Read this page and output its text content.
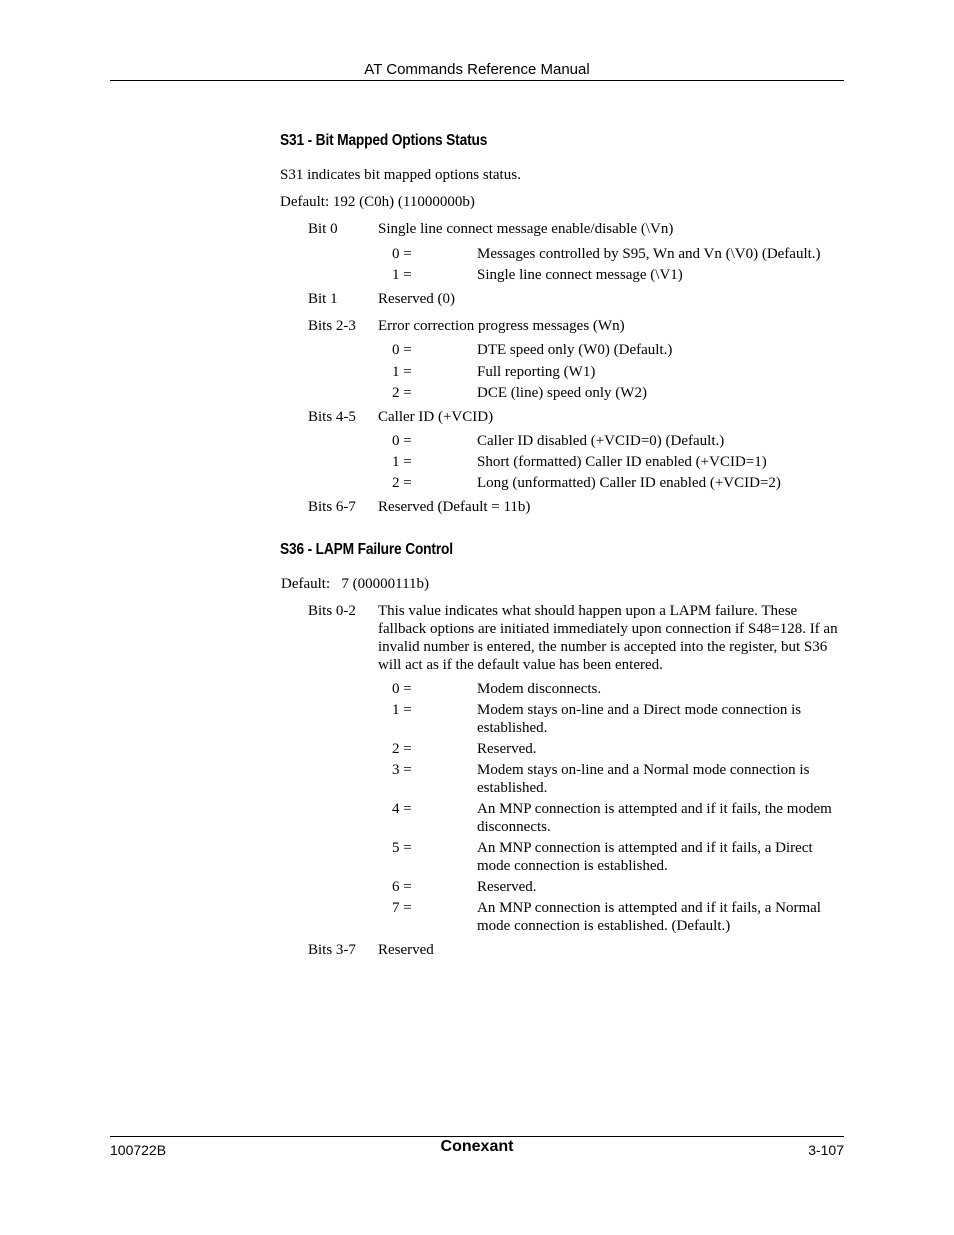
AT Commands Reference Manual
S31 - Bit Mapped Options Status
S31 indicates bit mapped options status.
Default: 192 (C0h) (11000000b)
Bit 0	Single line connect message enable/disable (\Vn)
0 =	Messages controlled by S95, Wn and Vn (\V0) (Default.)
1 =	Single line connect message (\V1)
Bit 1	Reserved (0)
Bits 2-3 Error correction progress messages (Wn)
0 =	DTE speed only (W0) (Default.)
1 =	Full reporting (W1)
2 =	DCE (line) speed only (W2)
Bits 4-5 Caller ID (+VCID)
0 =	Caller ID disabled (+VCID=0) (Default.)
1 =	Short (formatted) Caller ID enabled (+VCID=1)
2 =	Long (unformatted) Caller ID enabled (+VCID=2)
Bits 6-7 Reserved (Default = 11b)
S36 - LAPM Failure Control
Default:   7 (00000111b)
Bits 0-2 This value indicates what should happen upon a LAPM failure. These fallback options are initiated immediately upon connection if S48=128. If an invalid number is entered, the number is accepted into the register, but S36 will act as if the default value has been entered.
0 =	Modem disconnects.
1 =	Modem stays on-line and a Direct mode connection is established.
2 =	Reserved.
3 =	Modem stays on-line and a Normal mode connection is established.
4 =	An MNP connection is attempted and if it fails, the modem disconnects.
5 =	An MNP connection is attempted and if it fails, a Direct mode connection is established.
6 =	Reserved.
7 =	An MNP connection is attempted and if it fails, a Normal mode connection is established. (Default.)
Bits 3-7 Reserved
100722B	Conexant	3-107
